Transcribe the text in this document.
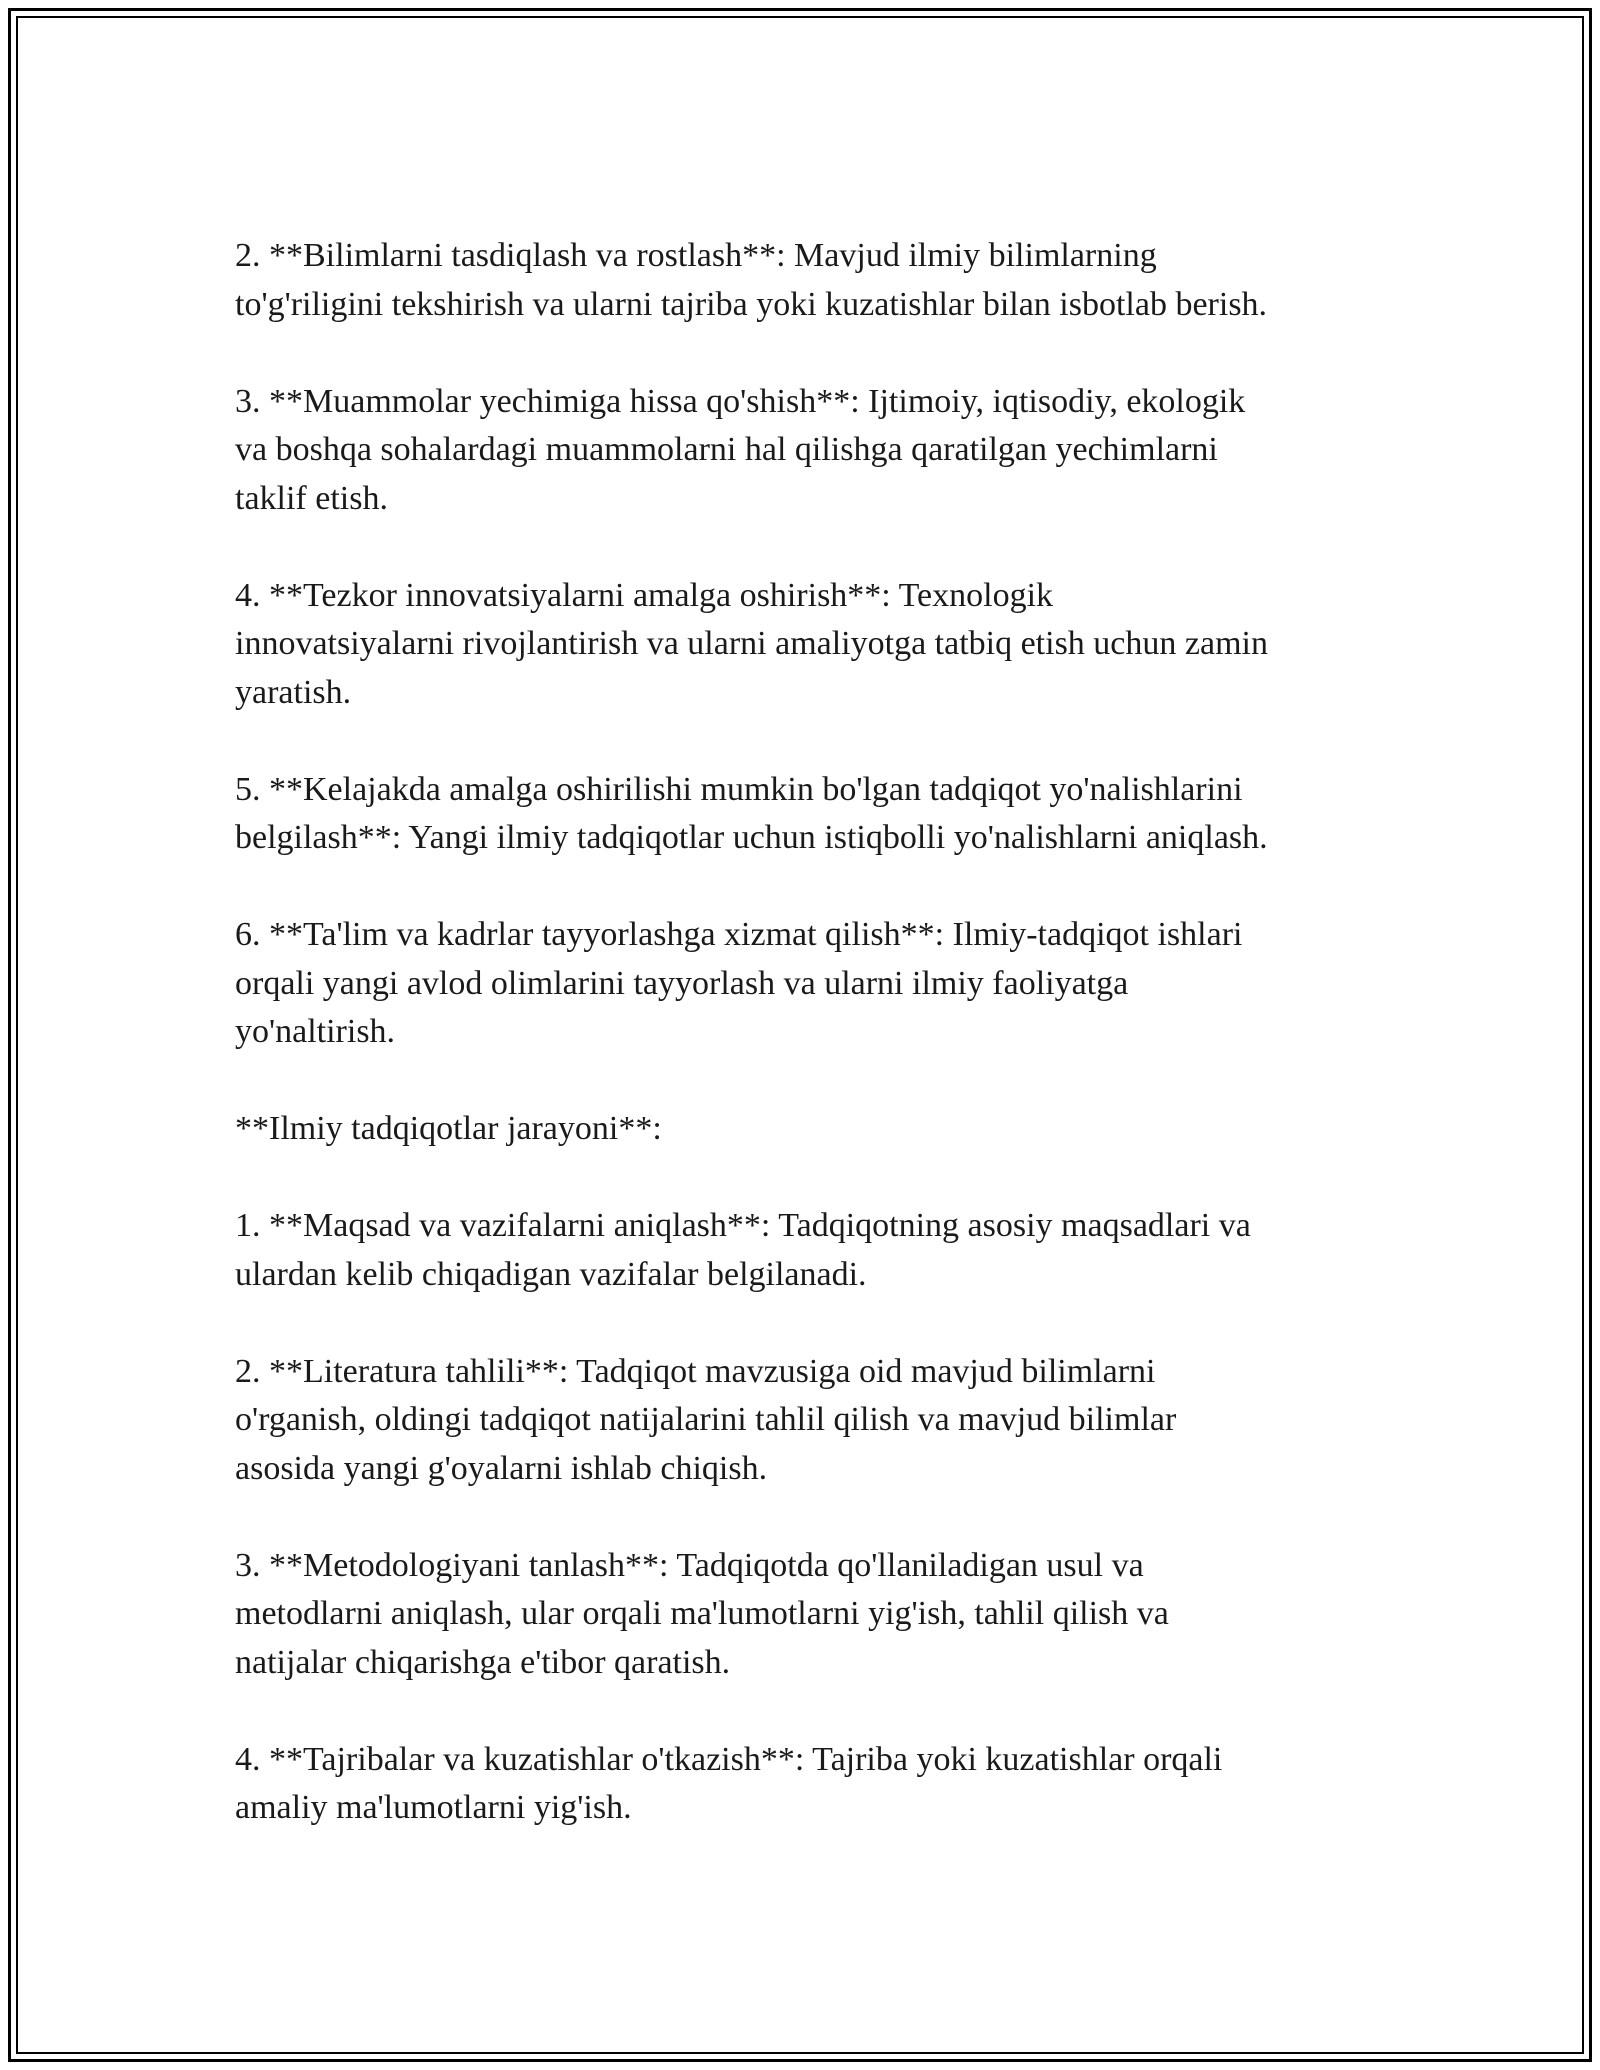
2. **Bilimlarni tasdiqlash va rostlash**: Mavjud ilmiy bilimlarning
to'g'riligini tekshirish va ularni tajriba yoki kuzatishlar bilan isbotlab berish.

3. **Muammolar yechimiga hissa qo'shish**: Ijtimoiy, iqtisodiy, ekologik
va boshqa sohalardagi muammolarni hal qilishga qaratilgan yechimlarni
taklif etish.

4. **Tezkor innovatsiyalarni amalga oshirish**: Texnologik
innovatsiyalarni rivojlantirish va ularni amaliyotga tatbiq etish uchun zamin
yaratish.

5. **Kelajakda amalga oshirilishi mumkin bo'lgan tadqiqot yo'nalishlarini
belgilash**: Yangi ilmiy tadqiqotlar uchun istiqbolli yo'nalishlarni aniqlash.

6. **Ta'lim va kadrlar tayyorlashga xizmat qilish**: Ilmiy-tadqiqot ishlari
orqali yangi avlod olimlarini tayyorlash va ularni ilmiy faoliyatga
yo'naltirish.

**Ilmiy tadqiqotlar jarayoni**:

1. **Maqsad va vazifalarni aniqlash**: Tadqiqotning asosiy maqsadlari va
ulardan kelib chiqadigan vazifalar belgilanadi.

2. **Literatura tahlili**: Tadqiqot mavzusiga oid mavjud bilimlarni
o'rganish, oldingi tadqiqot natijalarini tahlil qilish va mavjud bilimlar
asosida yangi g'oyalarni ishlab chiqish.

3. **Metodologiyani tanlash**: Tadqiqotda qo'llaniladigan usul va
metodlarni aniqlash, ular orqali ma'lumotlarni yig'ish, tahlil qilish va
natijalar chiqarishga e'tibor qaratish.

4. **Tajribalar va kuzatishlar o'tkazish**: Tajriba yoki kuzatishlar orqali
amaliy ma'lumotlarni yig'ish.
